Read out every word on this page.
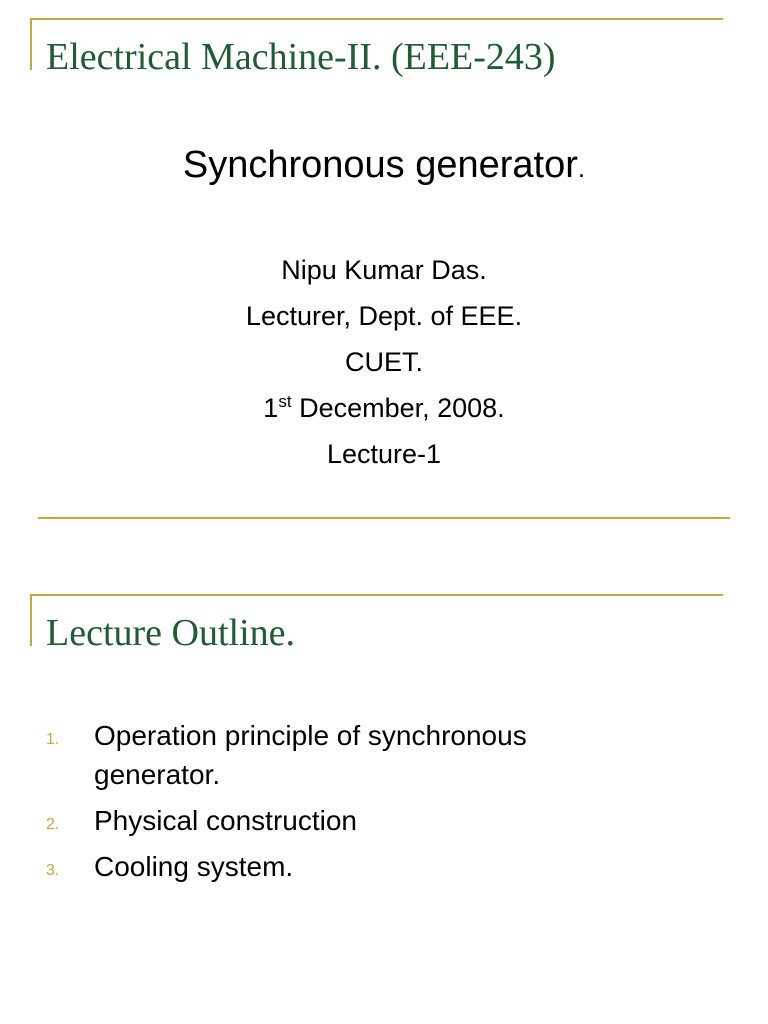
Electrical Machine-II. (EEE-243)
Synchronous generator.
Nipu Kumar Das.
Lecturer, Dept. of EEE.
CUET.
1st December, 2008.
Lecture-1
Lecture Outline.
1. Operation principle of synchronous generator.
2. Physical construction
3. Cooling system.
